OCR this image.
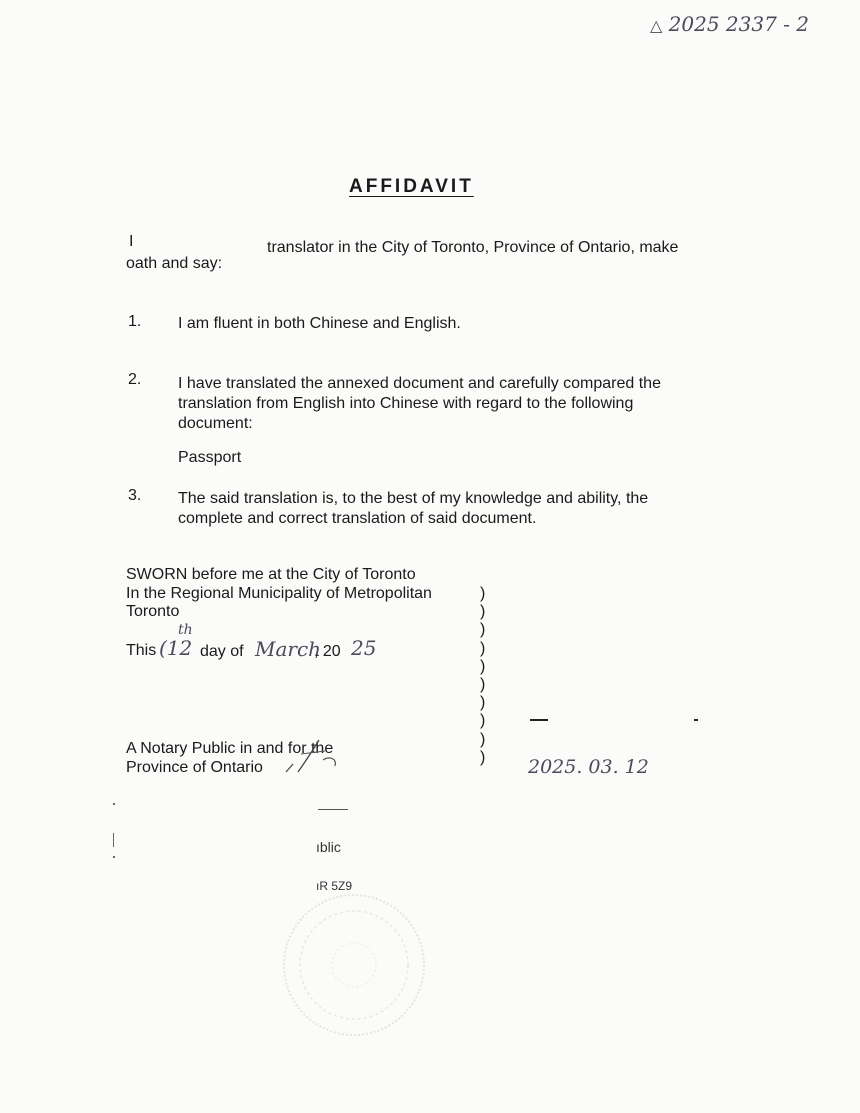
△ 2025 2337 - 2
AFFIDAVIT
I	translator in the City of Toronto, Province of Ontario, make
oath and say:
1. I am fluent in both Chinese and English.
2. I have translated the annexed document and carefully compared the translation from English into Chinese with regard to the following document:
Passport
3. The said translation is, to the best of my knowledge and ability, the complete and correct translation of said document.
SWORN before me at the City of Toronto
In the Regional Municipality of Metropolitan
Toronto
This (12
th
day of March
, 20 25
)
)
)
)
)
)
)
)
)
)
A Notary Public in and for the
Province of Ontario	2025. 03. 12
ıblic
ıR 5Z9
